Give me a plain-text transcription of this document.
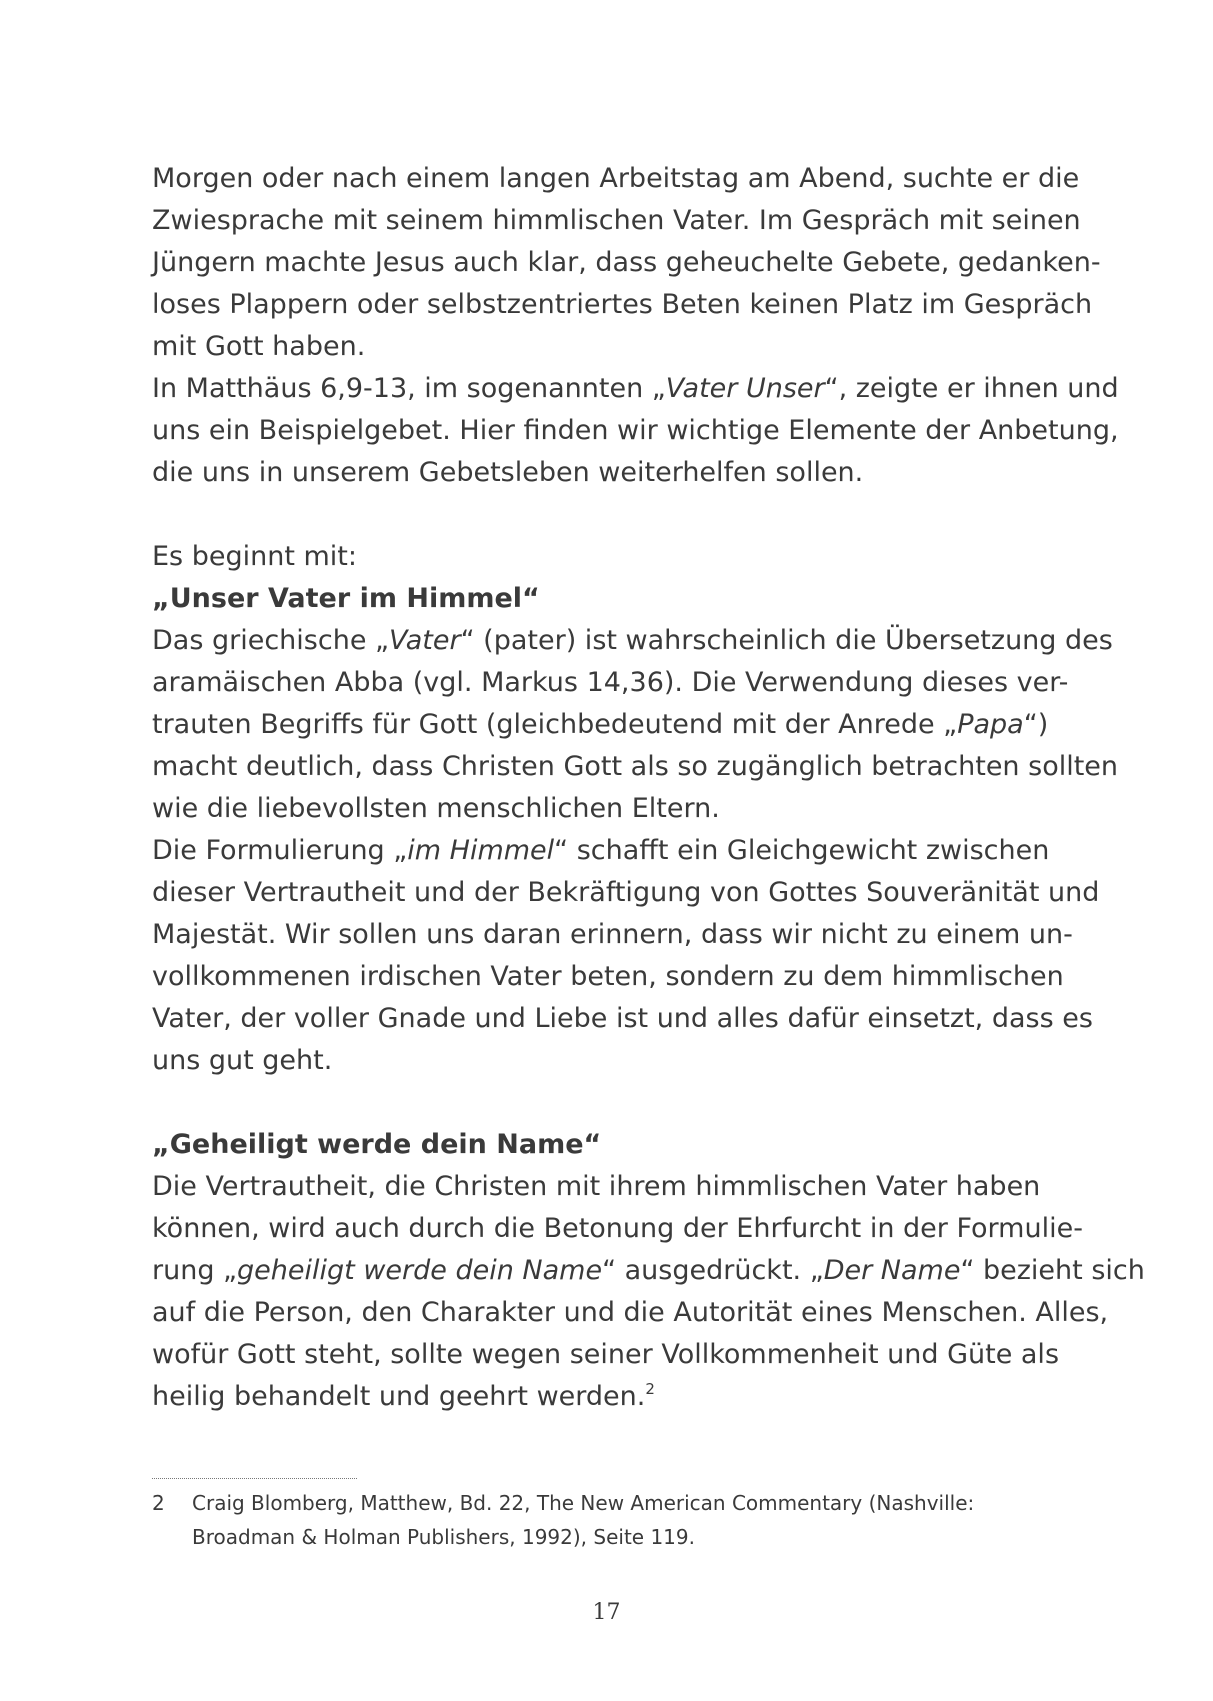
Morgen oder nach einem langen Arbeitstag am Abend, suchte er die
Zwiesprache mit seinem himmlischen Vater. Im Gespräch mit seinen
Jüngern machte Jesus auch klar, dass geheuchelte Gebete, gedanken-
loses Plappern oder selbstzentriertes Beten keinen Platz im Gespräch
mit Gott haben.
In Matthäus 6,9-13, im sogenannten „Vater Unser“, zeigte er ihnen und
uns ein Beispielgebet. Hier finden wir wichtige Elemente der Anbetung,
die uns in unserem Gebetsleben weiterhelfen sollen.
Es beginnt mit:
„Unser Vater im Himmel“
Das griechische „Vater“ (pater) ist wahrscheinlich die Übersetzung des
aramäischen Abba (vgl. Markus 14,36). Die Verwendung dieses ver-
trauten Begriffs für Gott (gleichbedeutend mit der Anrede „Papa“)
macht deutlich, dass Christen Gott als so zugänglich betrachten sollten
wie die liebevollsten menschlichen Eltern.
Die Formulierung „im Himmel“ schafft ein Gleichgewicht zwischen
dieser Vertrautheit und der Bekräftigung von Gottes Souveränität und
Majestät. Wir sollen uns daran erinnern, dass wir nicht zu einem un-
vollkommenen irdischen Vater beten, sondern zu dem himmlischen
Vater, der voller Gnade und Liebe ist und alles dafür einsetzt, dass es
uns gut geht.
„Geheiligt werde dein Name“
Die Vertrautheit, die Christen mit ihrem himmlischen Vater haben
können, wird auch durch die Betonung der Ehrfurcht in der Formulie-
rung „geheiligt werde dein Name“ ausgedrückt. „Der Name“ bezieht sich
auf die Person, den Charakter und die Autorität eines Menschen. Alles,
wofür Gott steht, sollte wegen seiner Vollkommenheit und Güte als
heilig behandelt und geehrt werden.$^2$
2 Craig Blomberg, Matthew, Bd. 22, The New American Commentary (Nashville:
Broadman & Holman Publishers, 1992), Seite 119.
17
